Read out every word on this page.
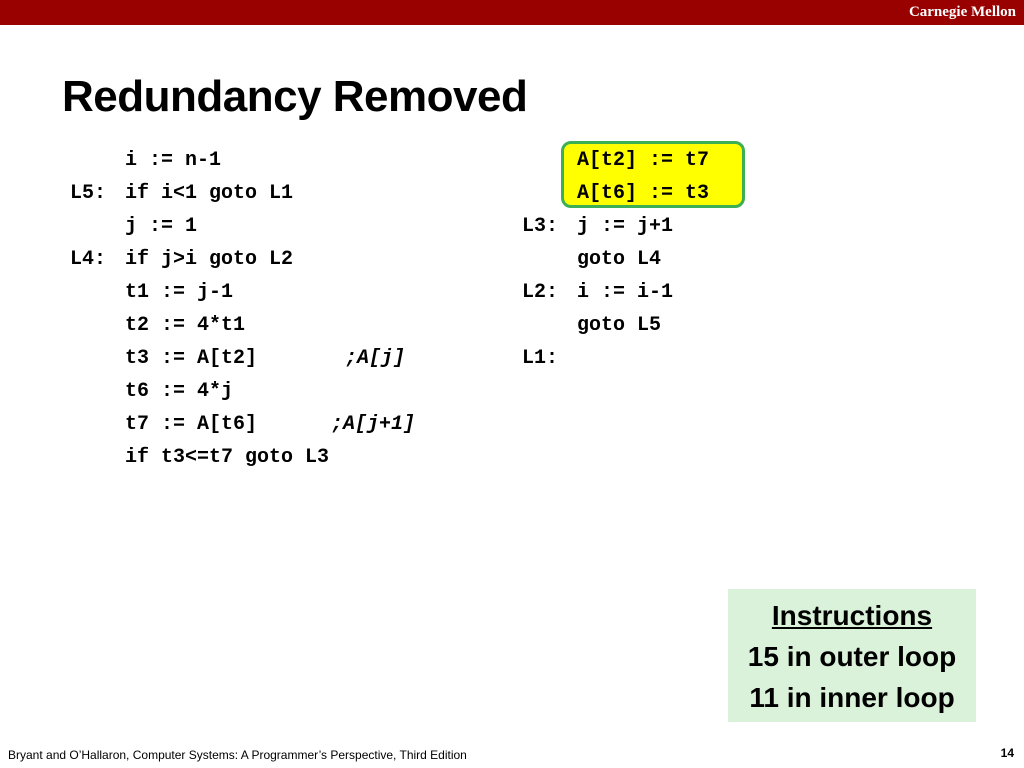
Carnegie Mellon
Redundancy Removed

i := n-1

L5:

if i<1 goto L1

j := 1

L4:

if j>i goto L2

t1 := j-1

t2 := 4*t1

t3 := A[t2]

	;A[j]

t6 := 4*j

t7 := A[t6]

	;A[j+1]

if t3<=t7 goto L3

A[t2] := t7

A[t6] := t3

L3:

j := j+1

goto L4

L2:

i := i-1

goto L5

L1:

Instructions
15 in outer loop
11 in inner loop
Bryant and O’Hallaron, Computer Systems: A Programmer’s Perspective, Third Edition	14
